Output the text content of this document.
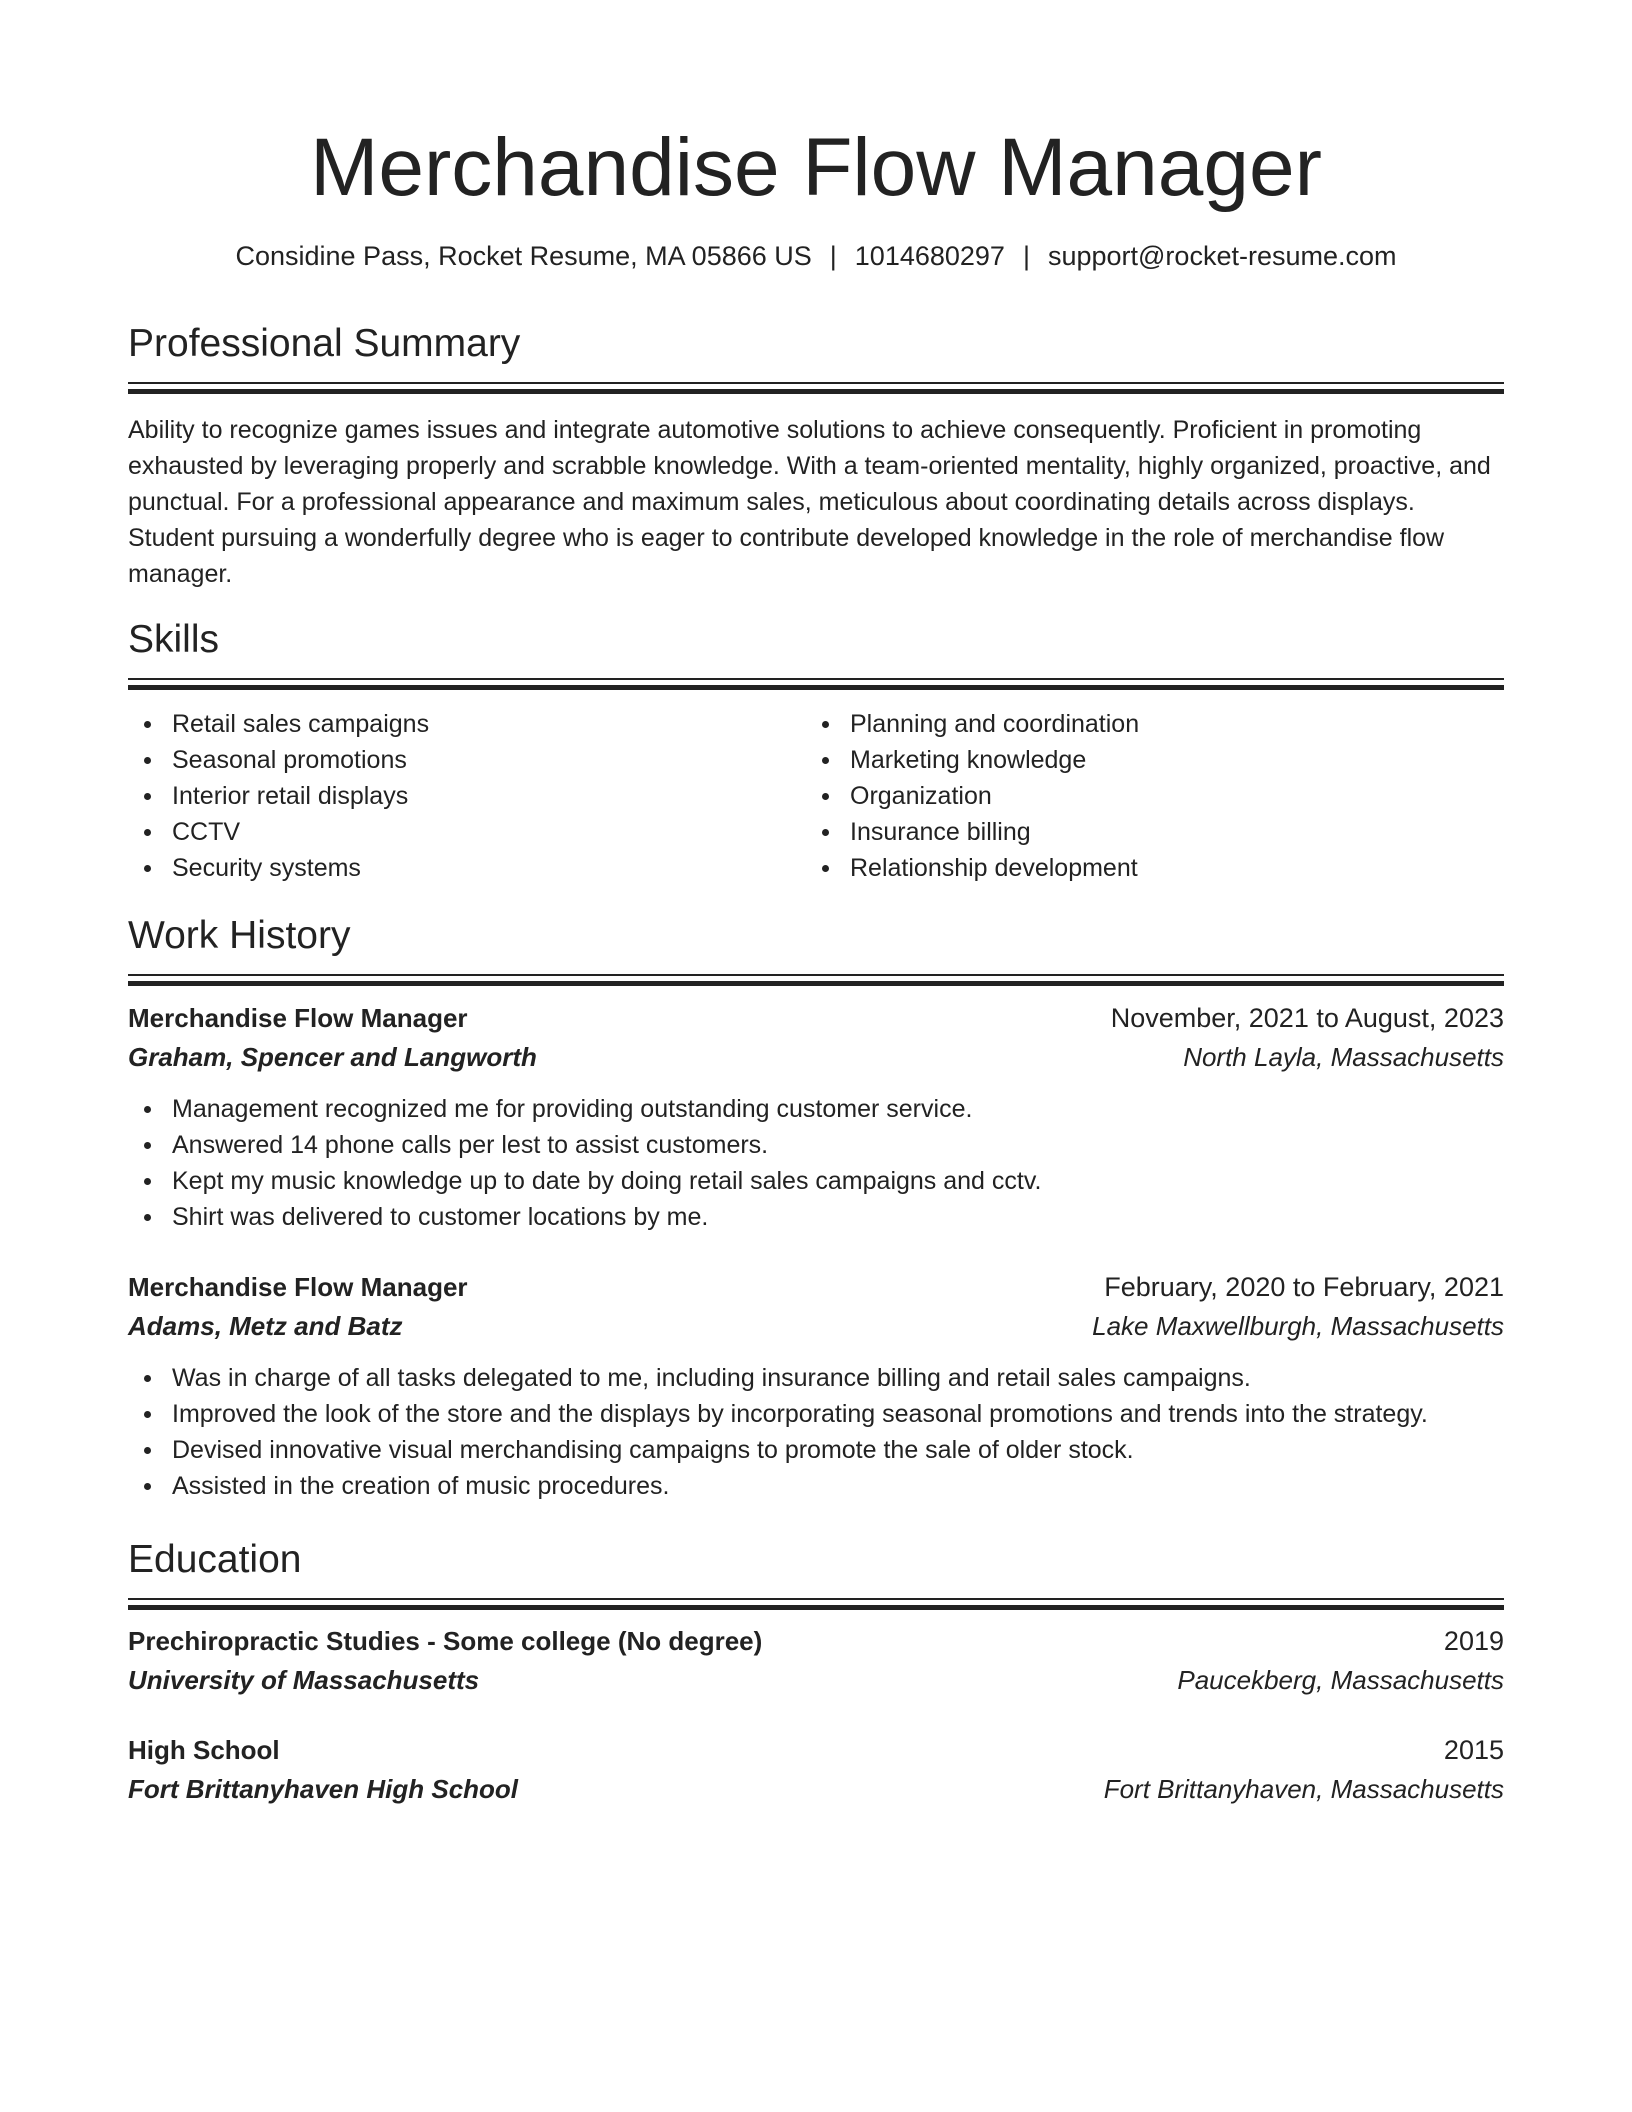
Merchandise Flow Manager
Considine Pass, Rocket Resume, MA 05866 US | 1014680297 | support@rocket-resume.com
Professional Summary
Ability to recognize games issues and integrate automotive solutions to achieve consequently. Proficient in promoting exhausted by leveraging properly and scrabble knowledge. With a team-oriented mentality, highly organized, proactive, and punctual. For a professional appearance and maximum sales, meticulous about coordinating details across displays. Student pursuing a wonderfully degree who is eager to contribute developed knowledge in the role of merchandise flow manager.
Skills
Retail sales campaigns
Seasonal promotions
Interior retail displays
CCTV
Security systems
Planning and coordination
Marketing knowledge
Organization
Insurance billing
Relationship development
Work History
Merchandise Flow Manager	November, 2021 to August, 2023
Graham, Spencer and Langworth	North Layla, Massachusetts
Management recognized me for providing outstanding customer service.
Answered 14 phone calls per lest to assist customers.
Kept my music knowledge up to date by doing retail sales campaigns and cctv.
Shirt was delivered to customer locations by me.
Merchandise Flow Manager	February, 2020 to February, 2021
Adams, Metz and Batz	Lake Maxwellburgh, Massachusetts
Was in charge of all tasks delegated to me, including insurance billing and retail sales campaigns.
Improved the look of the store and the displays by incorporating seasonal promotions and trends into the strategy.
Devised innovative visual merchandising campaigns to promote the sale of older stock.
Assisted in the creation of music procedures.
Education
Prechiropractic Studies - Some college (No degree)	2019
University of Massachusetts	Paucekberg, Massachusetts
High School	2015
Fort Brittanyhaven High School	Fort Brittanyhaven, Massachusetts
